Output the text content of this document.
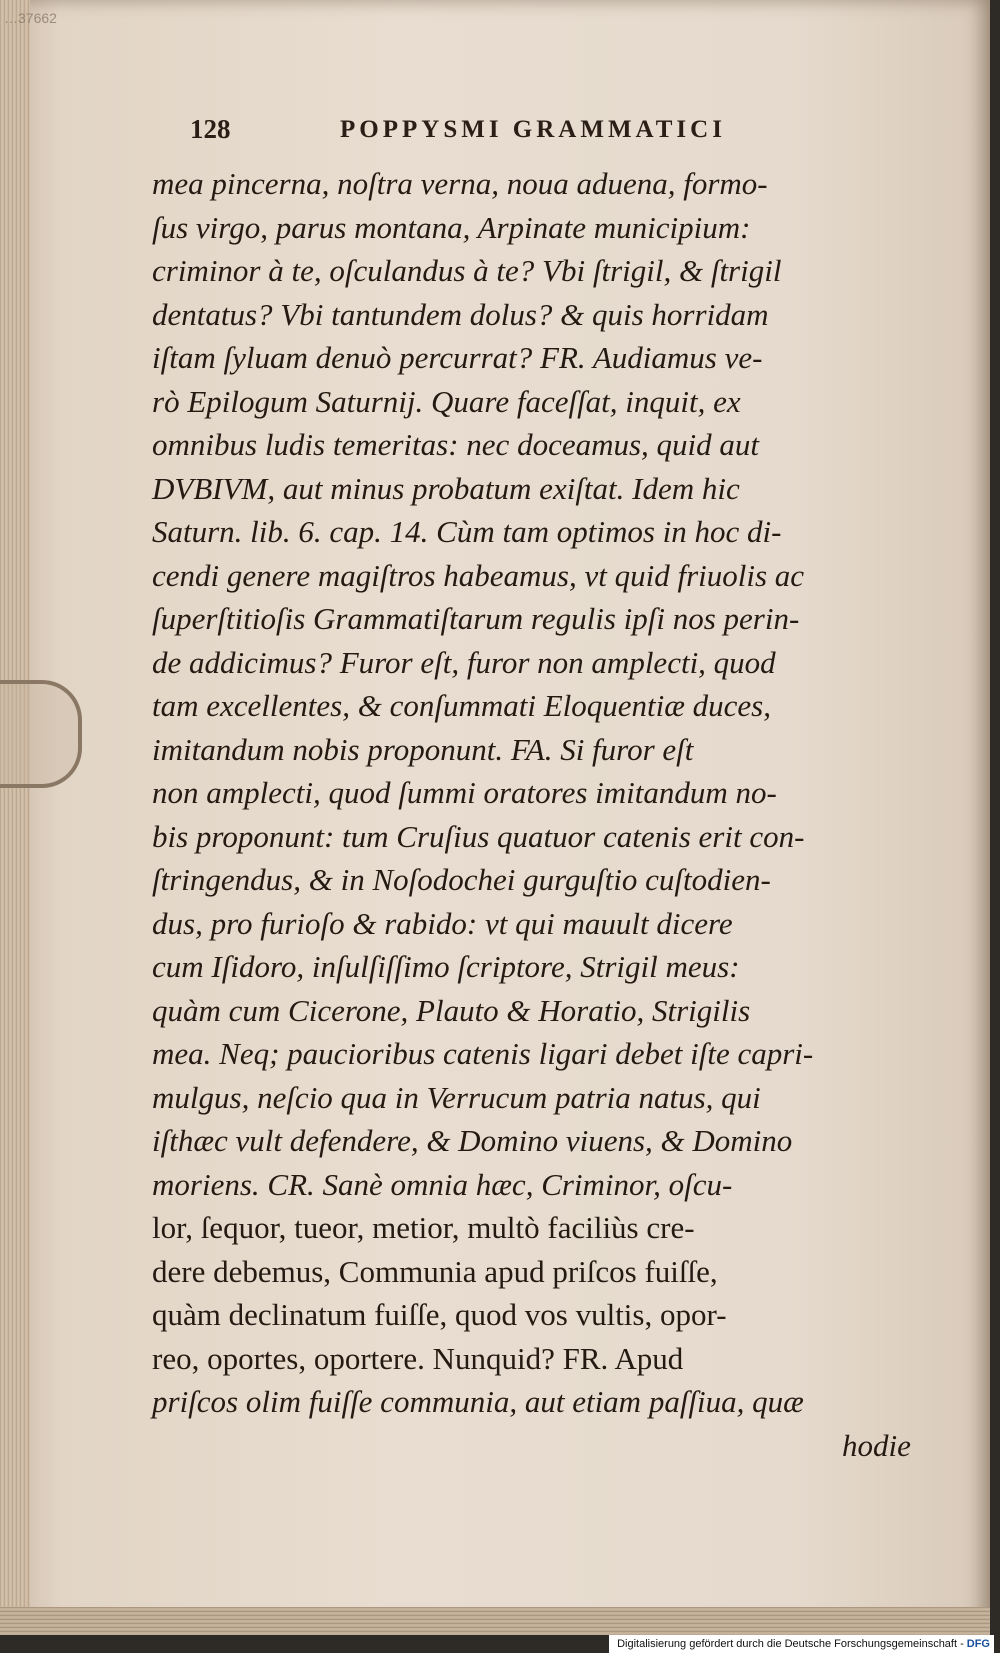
…37662
128	POPPYSMI GRAMMATICI
mea pincerna, noſtra verna, noua aduena, formo-
ſus virgo, parus montana, Arpinate municipium:
criminor à te, oſculandus à te? Vbi ſtrigil, & ſtrigil
dentatus? Vbi tantundem dolus? & quis horridam
iſtam ſyluam denuò percurrat? FR. Audiamus ve-
rò Epilogum Saturnij. Quare faceſſat, inquit, ex
omnibus ludis temeritas: nec doceamus, quid aut
DVBIVM, aut minus probatum exiſtat. Idem hic
Saturn. lib. 6. cap. 14. Cùm tam optimos in hoc di-
cendi genere magiſtros habeamus, vt quid friuolis ac
ſuperſtitioſis Grammatiſtarum regulis ipſi nos perin-
de addicimus? Furor eſt, furor non amplecti, quod
tam excellentes, & conſummati Eloquentiæ duces,
imitandum nobis proponunt. FA. Si furor eſt
non amplecti, quod ſummi oratores imitandum no-
bis proponunt: tum Cruſius quatuor catenis erit con-
ſtringendus, & in Noſodochei gurguſtio cuſtodien-
dus, pro furioſo & rabido: vt qui mauult dicere
cum Iſidoro, inſulſiſſimo ſcriptore, Strigil meus:
quàm cum Cicerone, Plauto & Horatio, Strigilis
mea. Neq; paucioribus catenis ligari debet iſte capri-
mulgus, neſcio qua in Verrucum patria natus, qui
iſthæc vult defendere, & Domino viuens, & Domino
moriens. CR. Sanè omnia hæc, Criminor, oſcu-
lor, ſequor, tueor, metior, multò faciliùs cre-
dere debemus, Communia apud priſcos fuiſſe,
quàm declinatum fuiſſe, quod vos vultis, opor-
reo, oportes, oportere. Nunquid? FR. Apud
priſcos olim fuiſſe communia, aut etiam paſſiua, quæ
hodie
Digitalisierung gefördert durch die Deutsche Forschungsgemeinschaft - DFG
